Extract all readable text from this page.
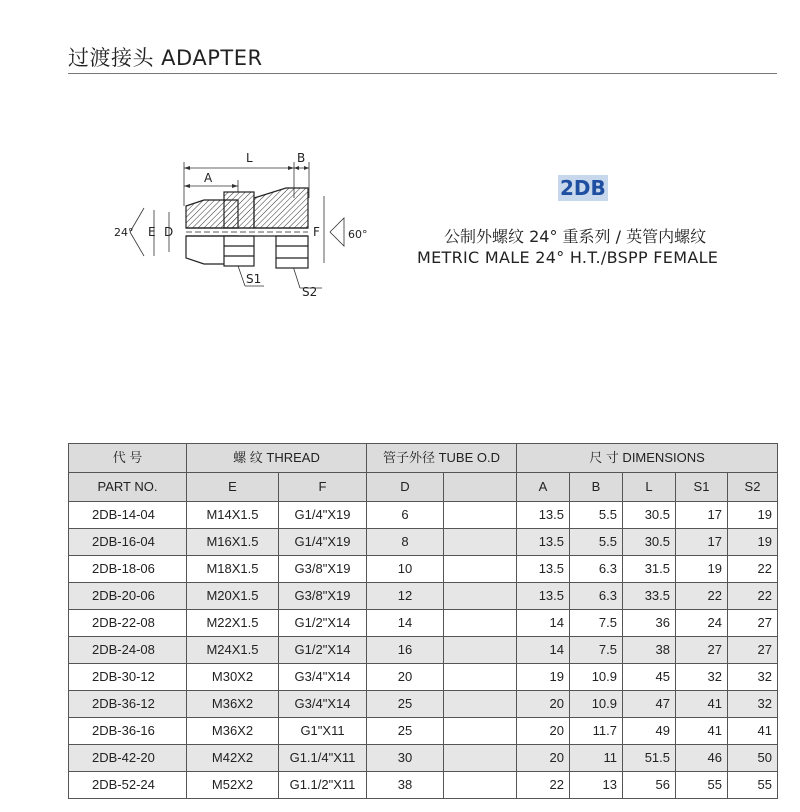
过渡接头 ADAPTER
L	B
A
24° E D	F	60°
S1
S2
2DB
公制外螺纹 24° 重系列 / 英管内螺纹
METRIC MALE 24° H.T./BSPP FEMALE
代 号	螺 纹 THREAD		管子外径 TUBE O.D		尺 寸 DIMENSIONS				
PART NO.	E	F	D		A	B	L	S1	S2
2DB-14-04	M14X1.5	G1/4"X19	6		13.5	5.5	30.5	17	19
2DB-16-04	M16X1.5	G1/4"X19	8		13.5	5.5	30.5	17	19
2DB-18-06	M18X1.5	G3/8"X19	10		13.5	6.3	31.5	19	22
2DB-20-06	M20X1.5	G3/8"X19	12		13.5	6.3	33.5	22	22
2DB-22-08	M22X1.5	G1/2"X14	14		14	7.5	36	24	27
2DB-24-08	M24X1.5	G1/2"X14	16		14	7.5	38	27	27
2DB-30-12	M30X2	G3/4"X14	20		19	10.9	45	32	32
2DB-36-12	M36X2	G3/4"X14	25		20	10.9	47	41	32
2DB-36-16	M36X2	G1"X11	25		20	11.7	49	41	41
2DB-42-20	M42X2	G1.1/4"X11	30		20	11	51.5	46	50
2DB-52-24	M52X2	G1.1/2"X11	38		22	13	56	55	55
